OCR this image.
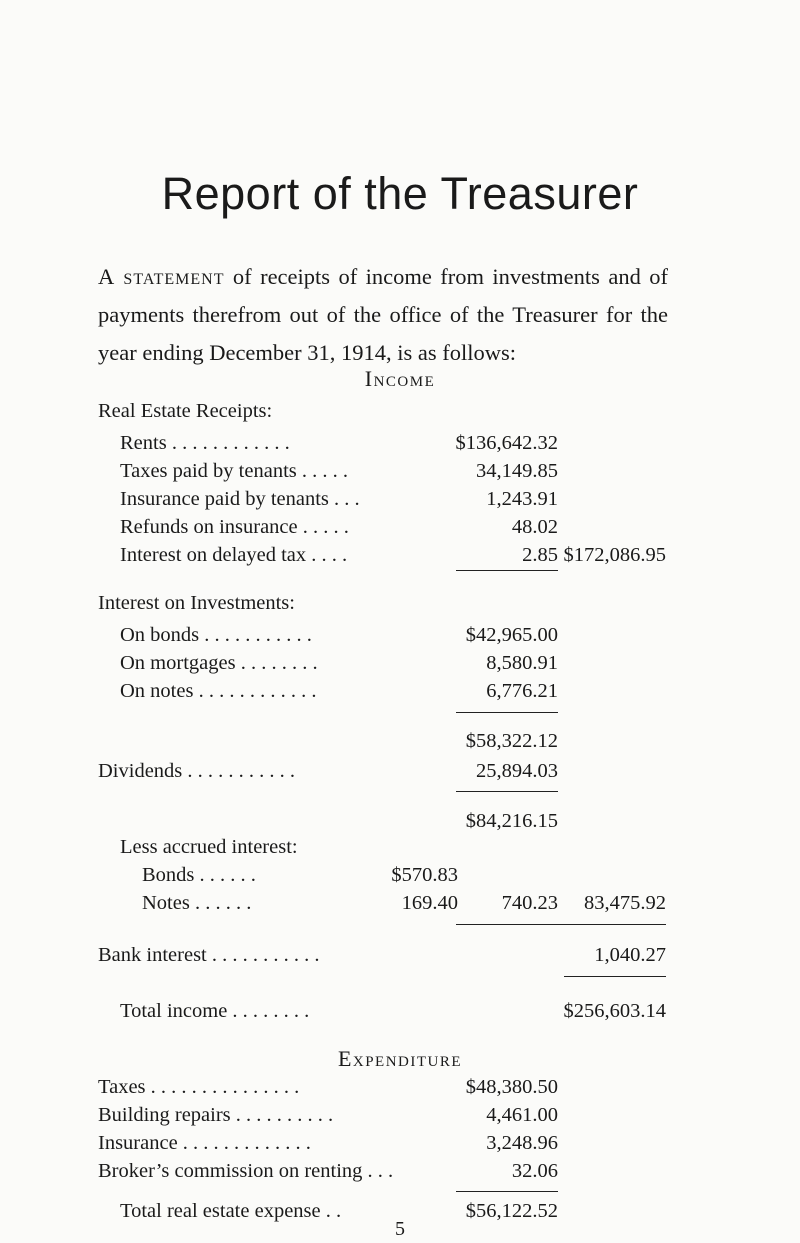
Report of the Treasurer
A statement of receipts of income from investments and of payments therefrom out of the office of the Treasurer for the year ending December 31, 1914, is as follows:
Income
Real Estate Receipts:
Rents . . . . . . . . . . . .	$136,642.32
Taxes paid by tenants . . . . .	34,149.85
Insurance paid by tenants . . .	1,243.91
Refunds on insurance . . . . .	48.02
Interest on delayed tax . . . .	2.85 $172,086.95
Interest on Investments:
On bonds . . . . . . . . . . .	$42,965.00
On mortgages . . . . . . . .	8,580.91
On notes . . . . . . . . . . . .	6,776.21
$58,322.12
Dividends . . . . . . . . . . .	25,894.03
$84,216.15
Less accrued interest:
Bonds . . . . . .	$570.83
Notes . . . . . .	169.40 740.23 83,475.92
Bank interest . . . . . . . . . . .	1,040.27
Total income . . . . . . . .	$256,603.14
Expenditure
Taxes . . . . . . . . . . . . . . .	$48,380.50
Building repairs . . . . . . . . . .	4,461.00
Insurance . . . . . . . . . . . . .	3,248.96
Broker’s commission on renting . . .	32.06
Total real estate expense . .	$56,122.52
5
